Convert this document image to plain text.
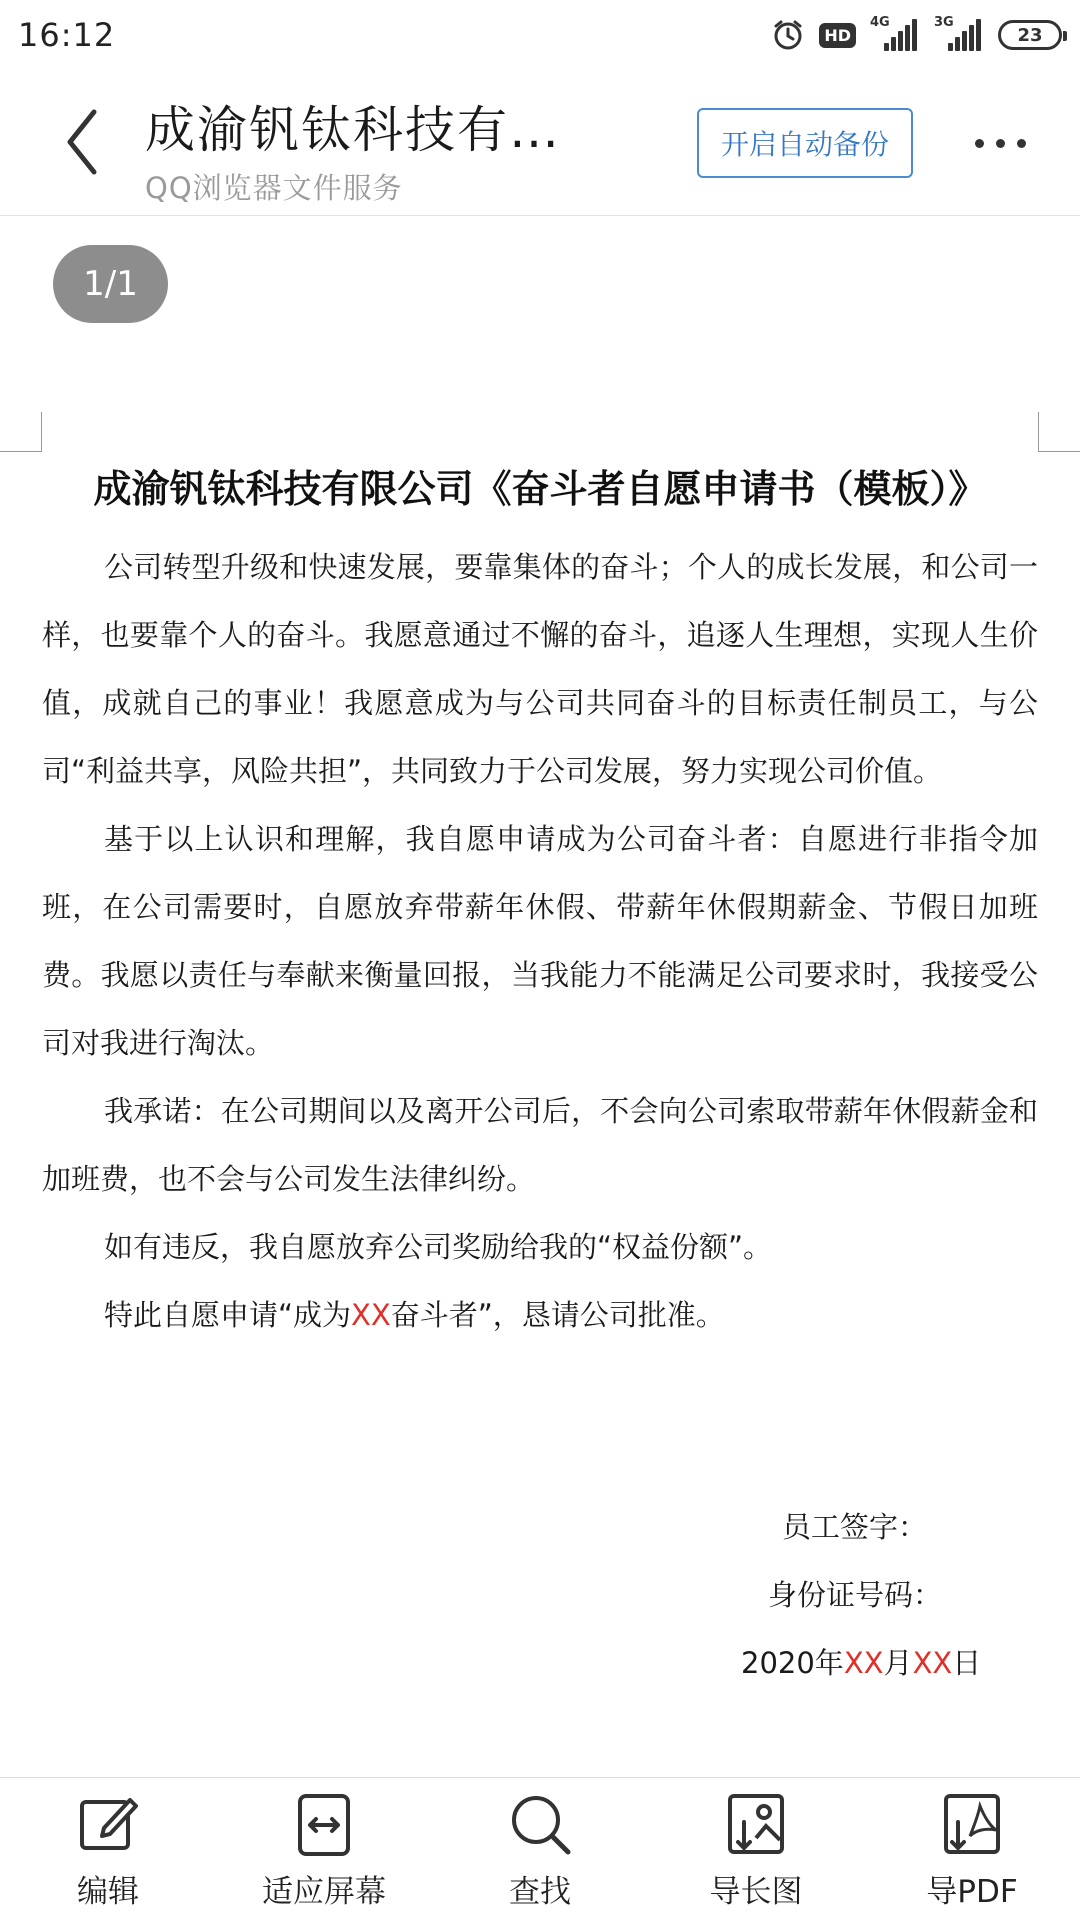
16:12	HD
4G	3G
23
成渝钒钛科技有…
QQ浏览器文件服务
开启自动备份
1/1
成渝钒钛科技有限公司《奋斗者自愿申请书（模板）》

公司转型升级和快速发展，要靠集体的奋斗；个人的成长发展，和公司一样，也要靠个人的奋斗。我愿意通过不懈的奋斗，追逐人生理想，实现人生价值，成就自己的事业！我愿意成为与公司共同奋斗的目标责任制员工，与公司“利益共享，风险共担”，共同致力于公司发展，努力实现公司价值。

基于以上认识和理解，我自愿申请成为公司奋斗者：自愿进行非指令加班，在公司需要时，自愿放弃带薪年休假、带薪年休假期薪金、节假日加班费。我愿以责任与奉献来衡量回报，当我能力不能满足公司要求时，我接受公司对我进行淘汰。

我承诺：在公司期间以及离开公司后，不会向公司索取带薪年休假薪金和加班费，也不会与公司发生法律纠纷。

如有违反，我自愿放弃公司奖励给我的“权益份额”。

特此自愿申请“成为XX奋斗者”，恳请公司批准。

员工签字：
身份证号码：
2020年XX月XX日
编辑	适应屏幕	查找	导长图	导PDF
